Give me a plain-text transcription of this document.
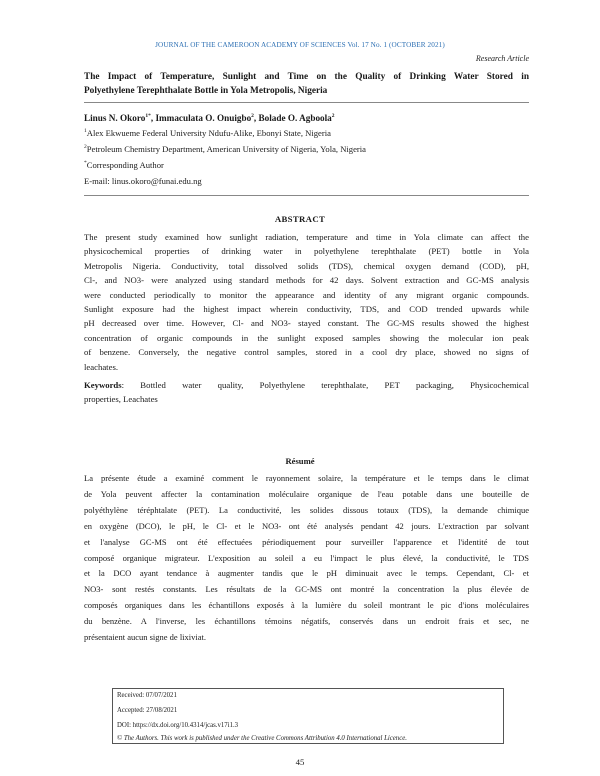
JOURNAL OF THE CAMEROON ACADEMY OF SCIENCES Vol. 17 No. 1 (OCTOBER 2021)
Research Article
The Impact of Temperature, Sunlight and Time on the Quality of Drinking Water Stored in
Polyethylene Terephthalate Bottle in Yola Metropolis, Nigeria
Linus N. Okoro$^{1*}$, Immaculata O. Onuigbo$^2$, Bolade O. Agboola$^2$
$^1$Alex Ekwueme Federal University Ndufu-Alike, Ebonyi State, Nigeria
$^2$Petroleum Chemistry Department, American University of Nigeria, Yola, Nigeria
*Corresponding Author
E-mail: linus.okoro@funai.edu.ng
ABSTRACT
The present study examined how sunlight radiation, temperature and time in Yola climate can affect the
physicochemical properties of drinking water in polyethylene terephthalate (PET) bottle in Yola
Metropolis Nigeria. Conductivity, total dissolved solids (TDS), chemical oxygen demand (COD), pH,
Cl-, and NO3- were analyzed using standard methods for 42 days. Solvent extraction and GC-MS analysis
were conducted periodically to monitor the appearance and identity of any migrant organic compounds.
Sunlight exposure had the highest impact wherein conductivity, TDS, and COD trended upwards while
pH decreased over time. However, Cl- and NO3- stayed constant. The GC-MS results showed the highest
concentration of organic compounds in the sunlight exposed samples showing the molecular ion peak
of benzene. Conversely, the negative control samples, stored in a cool dry place, showed no signs of
leachates.
Keywords: Bottled water quality, Polyethylene terephthalate, PET packaging, Physicochemical
properties, Leachates
Résumé
La présente étude a examiné comment le rayonnement solaire, la température et le temps dans le climat
de Yola peuvent affecter la contamination moléculaire organique de l'eau potable dans une bouteille de
polyéthylène téréphtalate (PET). La conductivité, les solides dissous totaux (TDS), la demande chimique
en oxygène (DCO), le pH, le Cl- et le NO3- ont été analysés pendant 42 jours. L'extraction par solvant
et l'analyse GC-MS ont été effectuées périodiquement pour surveiller l'apparence et l'identité de tout
composé organique migrateur. L'exposition au soleil a eu l'impact le plus élevé, la conductivité, le TDS
et la DCO ayant tendance à augmenter tandis que le pH diminuait avec le temps. Cependant, Cl- et
NO3- sont restés constants. Les résultats de la GC-MS ont montré la concentration la plus élevée de
composés organiques dans les échantillons exposés à la lumière du soleil montrant le pic d'ions moléculaires
du benzène. A l'inverse, les échantillons témoins négatifs, conservés dans un endroit frais et sec, ne
présentaient aucun signe de lixiviat.
Received: 07/07/2021
Accepted: 27/08/2021
DOI: https://dx.doi.org/10.4314/jcas.v17i1.3
© The Authors. This work is published under the Creative Commons Attribution 4.0 International Licence.
45
